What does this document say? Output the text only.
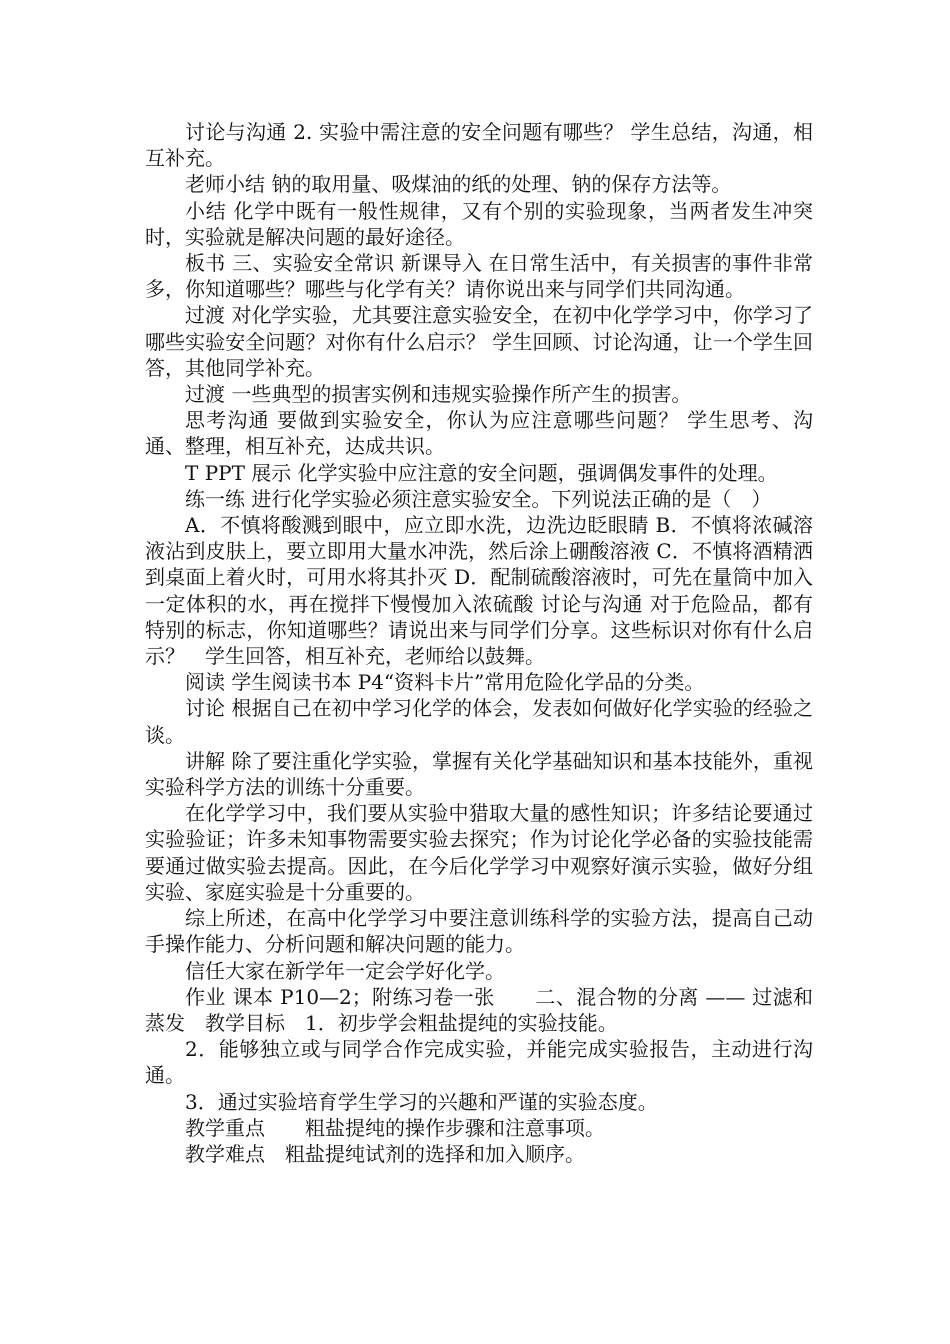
讨论与沟通 2. 实验中需注意的安全问题有哪些？ 学生总结，沟通，相互补充。

老师小结 钠的取用量、吸煤油的纸的处理、钠的保存方法等。

小结 化学中既有一般性规律，又有个别的实验现象，当两者发生冲突时，实验就是解决问题的最好途径。

板书 三、实验安全常识 新课导入 在日常生活中，有关损害的事件非常多，你知道哪些？哪些与化学有关？请你说出来与同学们共同沟通。

过渡 对化学实验，尤其要注意实验安全，在初中化学学习中，你学习了哪些实验安全问题？对你有什么启示？ 学生回顾、讨论沟通，让一个学生回答，其他同学补充。

过渡 一些典型的损害实例和违规实验操作所产生的损害。

思考沟通 要做到实验安全，你认为应注意哪些问题？ 学生思考、沟通、整理，相互补充，达成共识。

T PPT 展示 化学实验中应注意的安全问题，强调偶发事件的处理。

练一练 进行化学实验必须注意实验安全。下列说法正确的是（　）

A．不慎将酸溅到眼中，应立即水洗，边洗边眨眼睛 B．不慎将浓碱溶液沾到皮肤上，要立即用大量水冲洗，然后涂上硼酸溶液 C．不慎将酒精洒到桌面上着火时，可用水将其扑灭 D．配制硫酸溶液时，可先在量筒中加入一定体积的水，再在搅拌下慢慢加入浓硫酸 讨论与沟通 对于危险品，都有特别的标志，你知道哪些？请说出来与同学们分享。这些标识对你有什么启示？　学生回答，相互补充，老师给以鼓舞。

阅读 学生阅读书本 P4“资料卡片”常用危险化学品的分类。

讨论 根据自己在初中学习化学的体会，发表如何做好化学实验的经验之谈。

讲解 除了要注重化学实验，掌握有关化学基础知识和基本技能外，重视实验科学方法的训练十分重要。

在化学学习中，我们要从实验中猎取大量的感性知识；许多结论要通过实验验证；许多未知事物需要实验去探究；作为讨论化学必备的实验技能需要通过做实验去提高。因此，在今后化学学习中观察好演示实验，做好分组实验、家庭实验是十分重要的。

综上所述，在高中化学学习中要注意训练科学的实验方法，提高自己动手操作能力、分析问题和解决问题的能力。

信任大家在新学年一定会学好化学。

作业 课本 P10—2；附练习卷一张　　二、混合物的分离 —— 过滤和蒸发　教学目标　1．初步学会粗盐提纯的实验技能。

2．能够独立或与同学合作完成实验，并能完成实验报告，主动进行沟通。

3．通过实验培育学生学习的兴趣和严谨的实验态度。

教学重点　　粗盐提纯的操作步骤和注意事项。

教学难点　粗盐提纯试剂的选择和加入顺序。
